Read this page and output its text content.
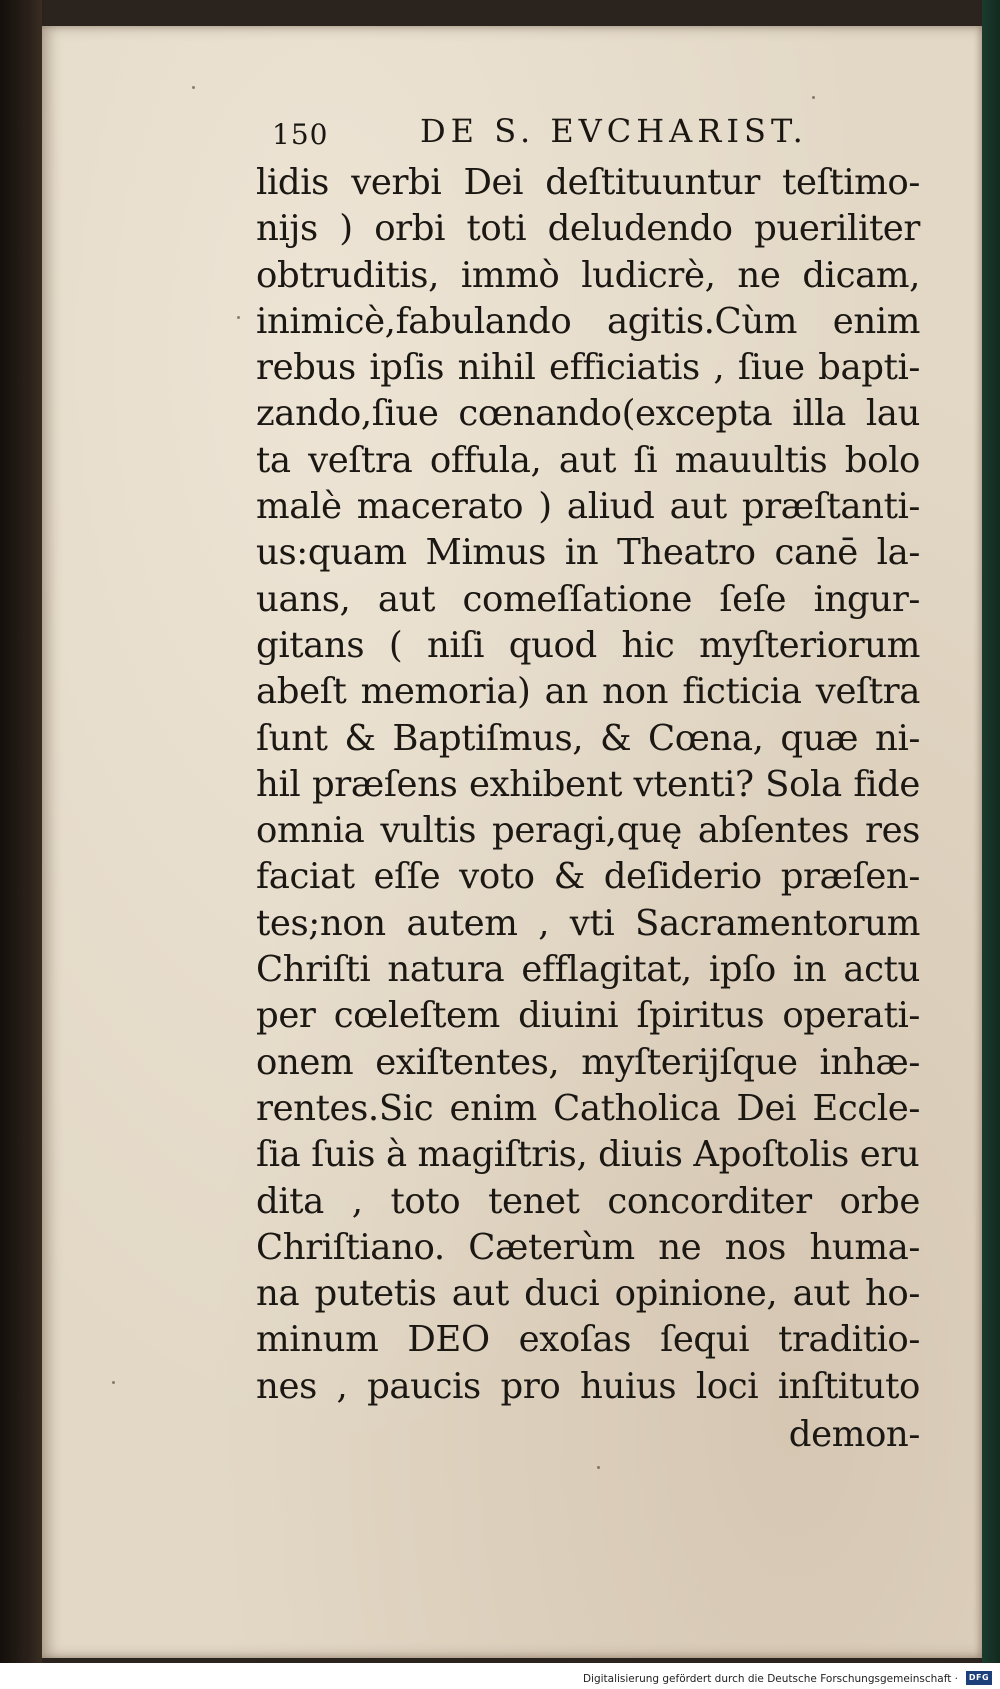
150	DE S. EVCHARIST.
lidis verbi Dei deſtituuntur teſtimo-
nijs ) orbi toti deludendo pueriliter
obtruditis, immò ludicrè, ne dicam,
inimicè,fabulando agitis.Cùm enim
rebus ipſis nihil efficiatis , ſiue bapti-
zando,ſiue cœnando(excepta illa lau
ta veſtra offula, aut ſi mauultis bolo
malè macerato ) aliud aut præſtanti-
us:quam Mimus in Theatro canē la-
uans, aut comeſſatione ſeſe ingur-
gitans ( niſi quod hic myſteriorum
abeſt memoria) an non ficticia veſtra
ſunt & Baptiſmus, & Cœna, quæ ni-
hil præſens exhibent vtenti? Sola fide
omnia vultis peragi,quę abſentes res
faciat eſſe voto & deſiderio præſen-
tes;non autem , vti Sacramentorum
Chriſti natura efflagitat, ipſo in actu
per cœleſtem diuini ſpiritus operati-
onem exiſtentes, myſterijſque inhæ-
rentes.Sic enim Catholica Dei Eccle-
ſia ſuis à magiſtris, diuis Apoſtolis eru
dita , toto tenet concorditer orbe
Chriſtiano. Cæterùm ne nos huma-
na putetis aut duci opinione, aut ho-
minum DEO exoſas ſequi traditio-
nes , paucis pro huius loci inſtituto
demon-
Digitalisierung gefördert durch die Deutsche Forschungsgemeinschaft ·	DFG
